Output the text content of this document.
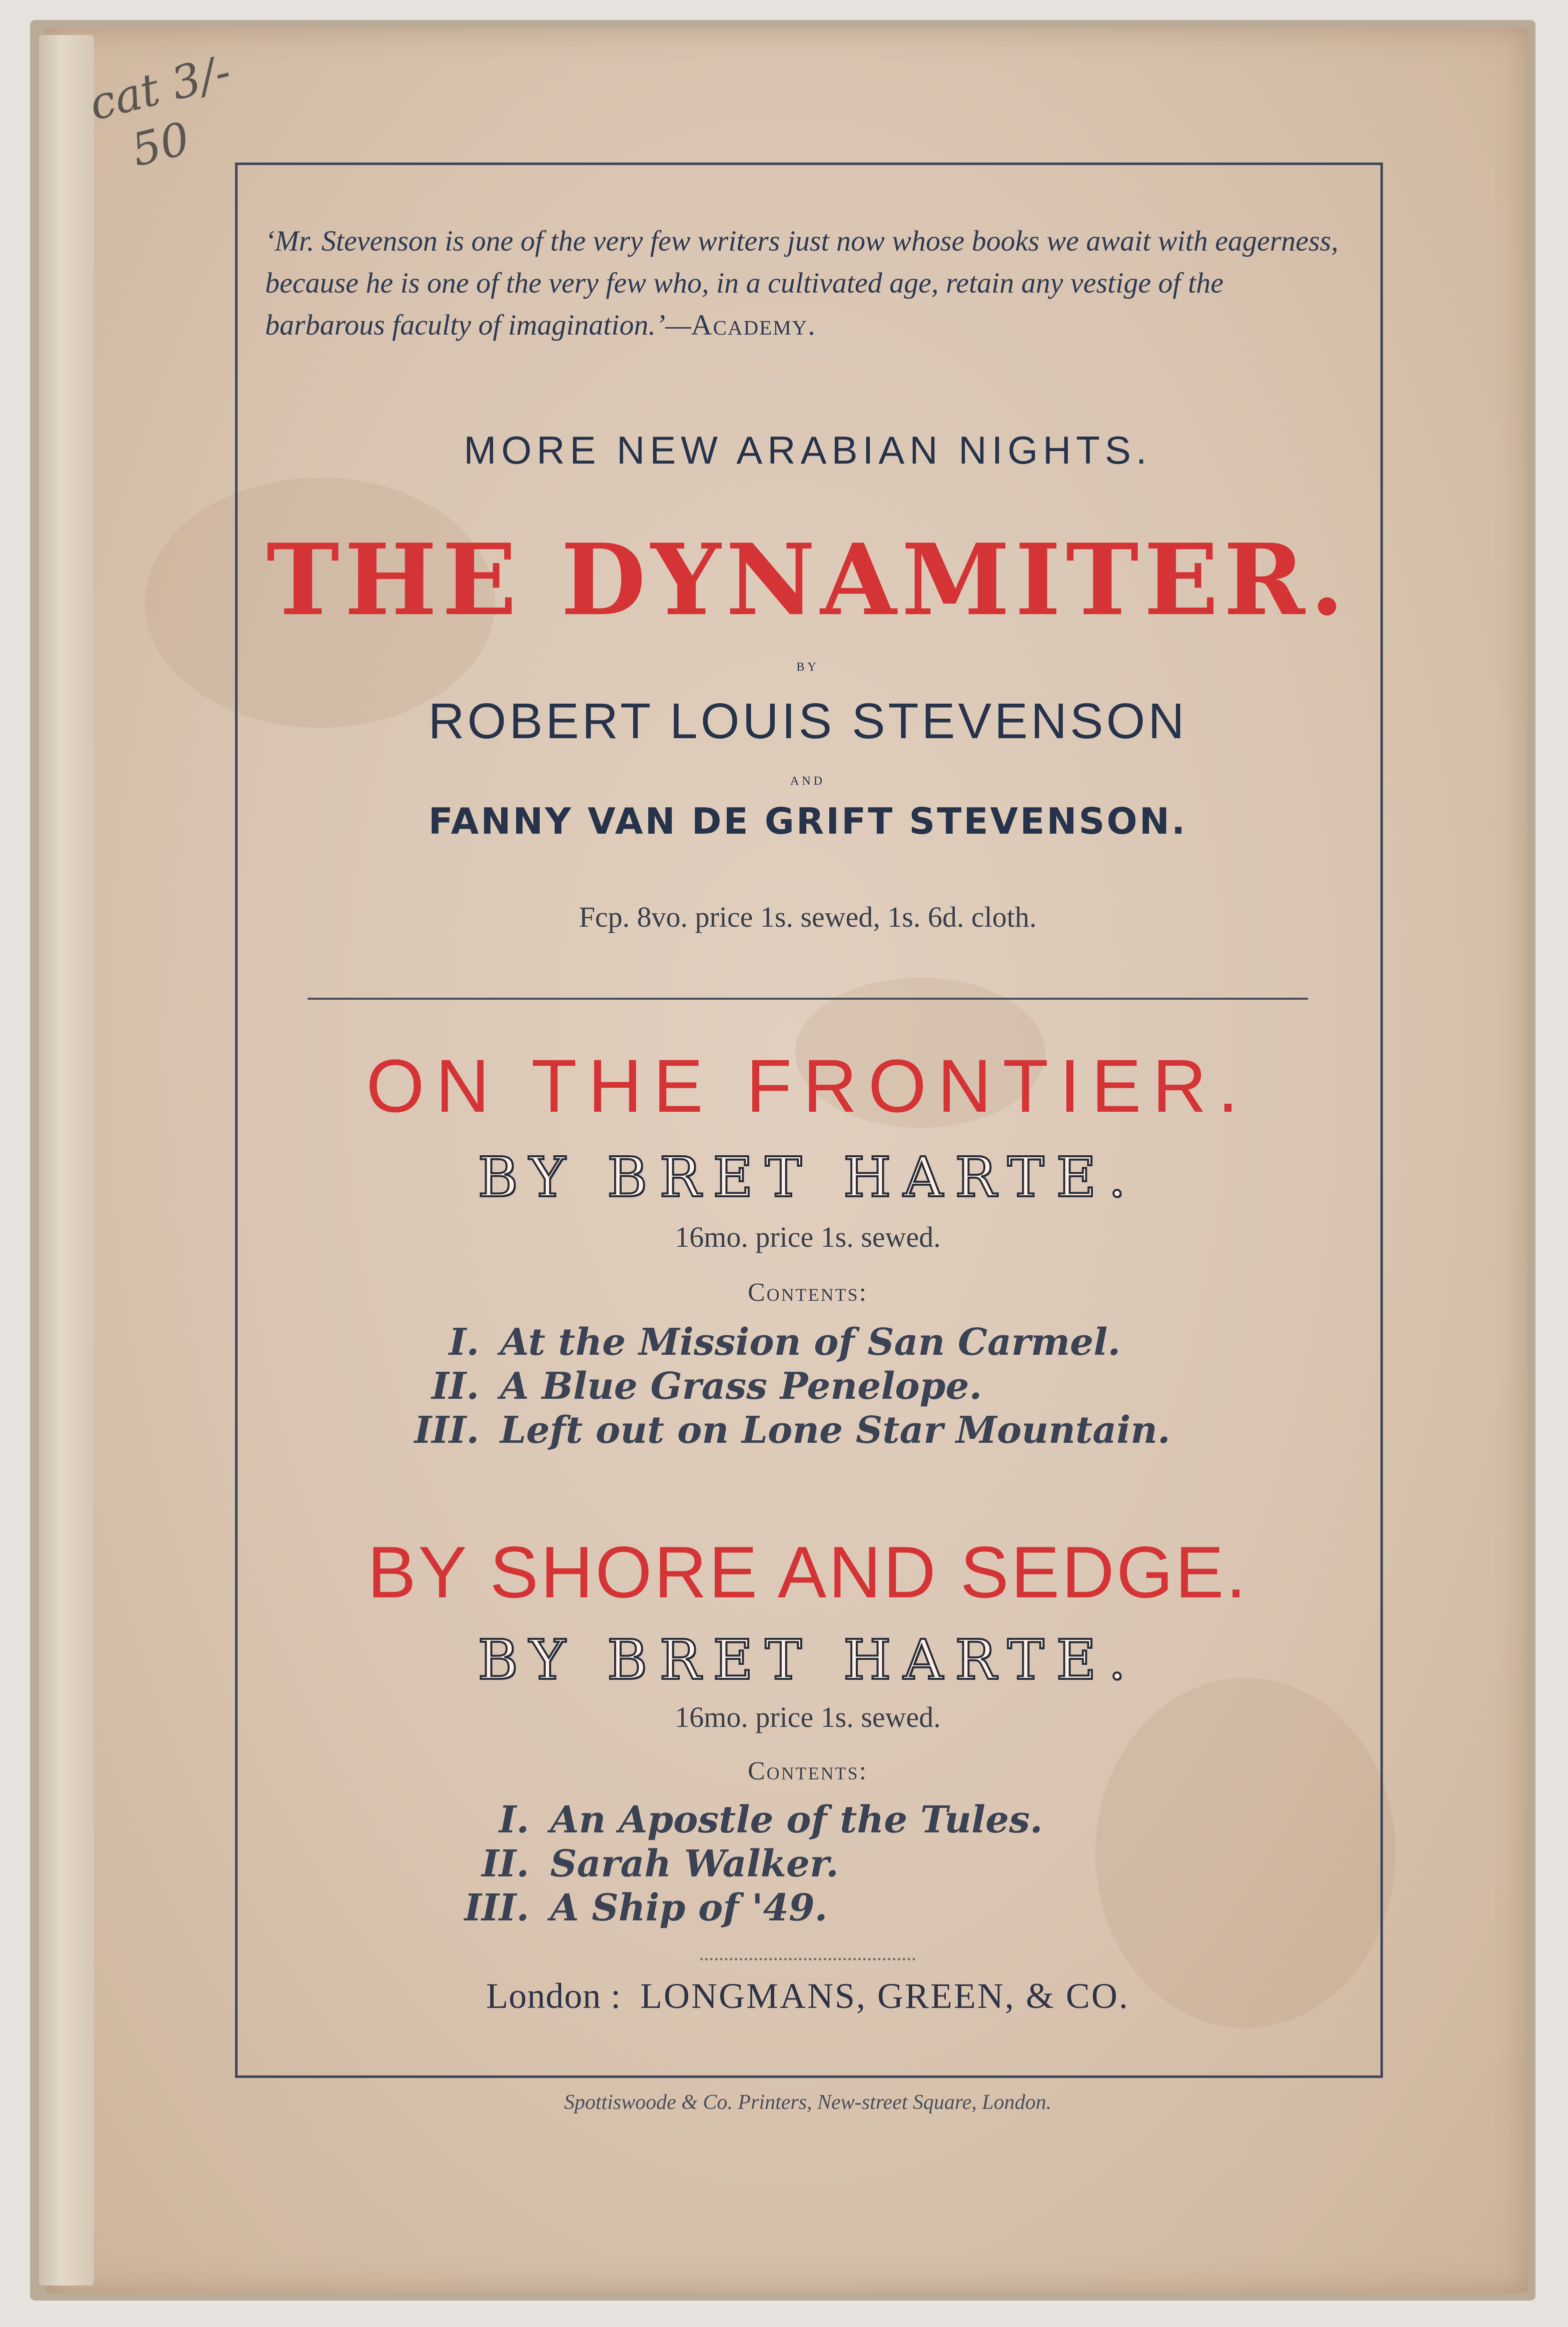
cat 3/-
50
‘Mr. Stevenson is one of the very few writers just now whose books we await with eagerness, because he is one of the very few who, in a cultivated age, retain any vestige of the barbarous faculty of imagination.’—Academy.
MORE NEW ARABIAN NIGHTS.
THE DYNAMITER.
by
ROBERT LOUIS STEVENSON
and
FANNY VAN DE GRIFT STEVENSON.
Fcp. 8vo. price 1s. sewed, 1s. 6d. cloth.
ON THE FRONTIER.
BY BRET HARTE.
16mo. price 1s. sewed.
Contents:
I. At the Mission of San Carmel.
II. A Blue Grass Penelope.
III. Left out on Lone Star Mountain.
BY SHORE AND SEDGE.
BY BRET HARTE.
16mo. price 1s. sewed.
Contents:
I. An Apostle of the Tules.
II. Sarah Walker.
III. A Ship of '49.
London : LONGMANS, GREEN, & CO.
Spottiswoode & Co. Printers, New-street Square, London.
